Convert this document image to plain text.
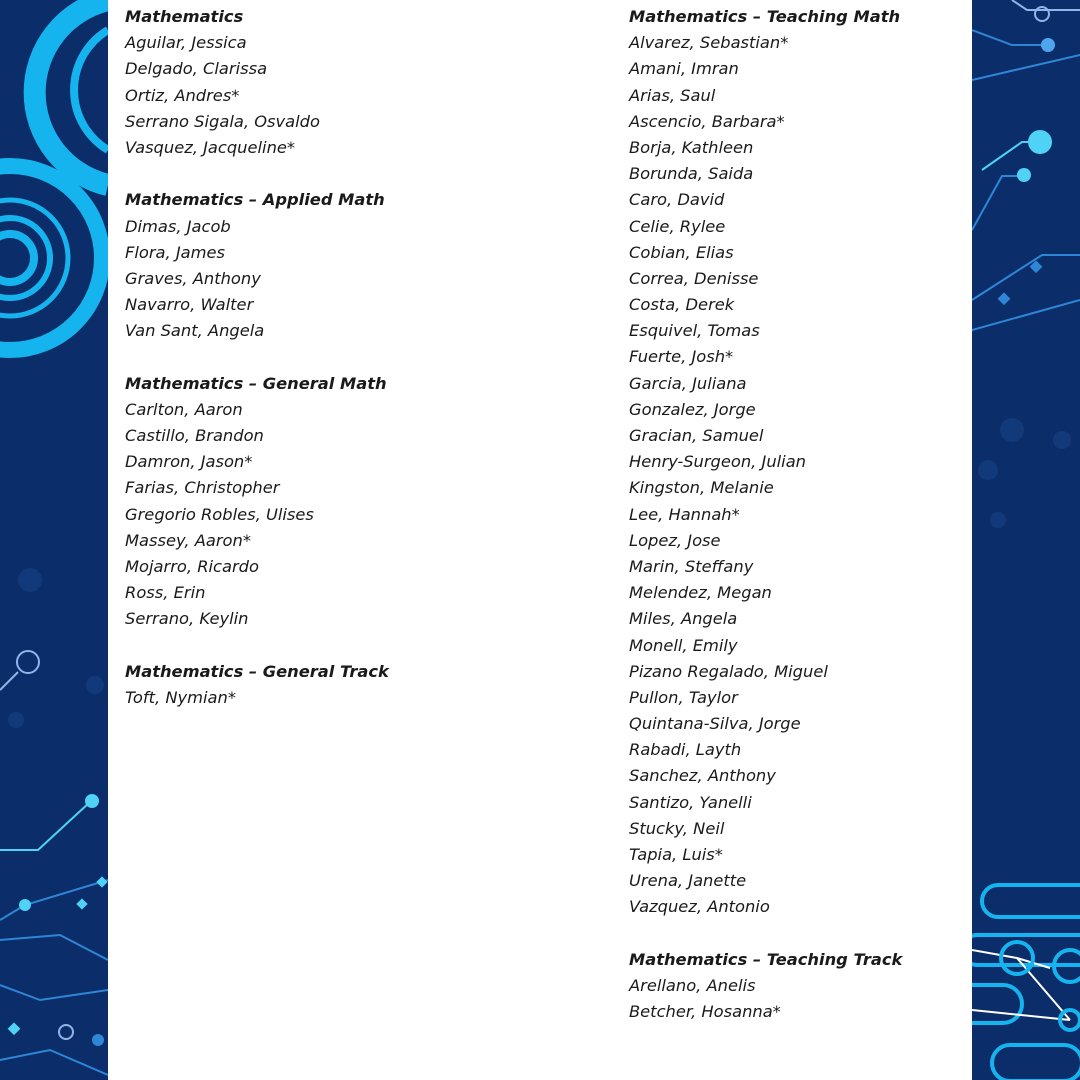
Mathematics
Aguilar, Jessica
Delgado, Clarissa
Ortiz, Andres*
Serrano Sigala, Osvaldo
Vasquez, Jacqueline*
Mathematics – Applied Math
Dimas, Jacob
Flora, James
Graves, Anthony
Navarro, Walter
Van Sant, Angela
Mathematics – General Math
Carlton, Aaron
Castillo, Brandon
Damron, Jason*
Farias, Christopher
Gregorio Robles, Ulises
Massey, Aaron*
Mojarro, Ricardo
Ross, Erin
Serrano, Keylin
Mathematics – General Track
Toft, Nymian*
Mathematics – Teaching Math
Alvarez, Sebastian*
Amani, Imran
Arias, Saul
Ascencio, Barbara*
Borja, Kathleen
Borunda, Saida
Caro, David
Celie, Rylee
Cobian, Elias
Correa, Denisse
Costa, Derek
Esquivel, Tomas
Fuerte, Josh*
Garcia, Juliana
Gonzalez, Jorge
Gracian, Samuel
Henry-Surgeon, Julian
Kingston, Melanie
Lee, Hannah*
Lopez, Jose
Marin, Steffany
Melendez, Megan
Miles, Angela
Monell, Emily
Pizano Regalado, Miguel
Pullon, Taylor
Quintana-Silva, Jorge
Rabadi, Layth
Sanchez, Anthony
Santizo, Yanelli
Stucky, Neil
Tapia, Luis*
Urena, Janette
Vazquez, Antonio
Mathematics – Teaching Track
Arellano, Anelis
Betcher, Hosanna*
